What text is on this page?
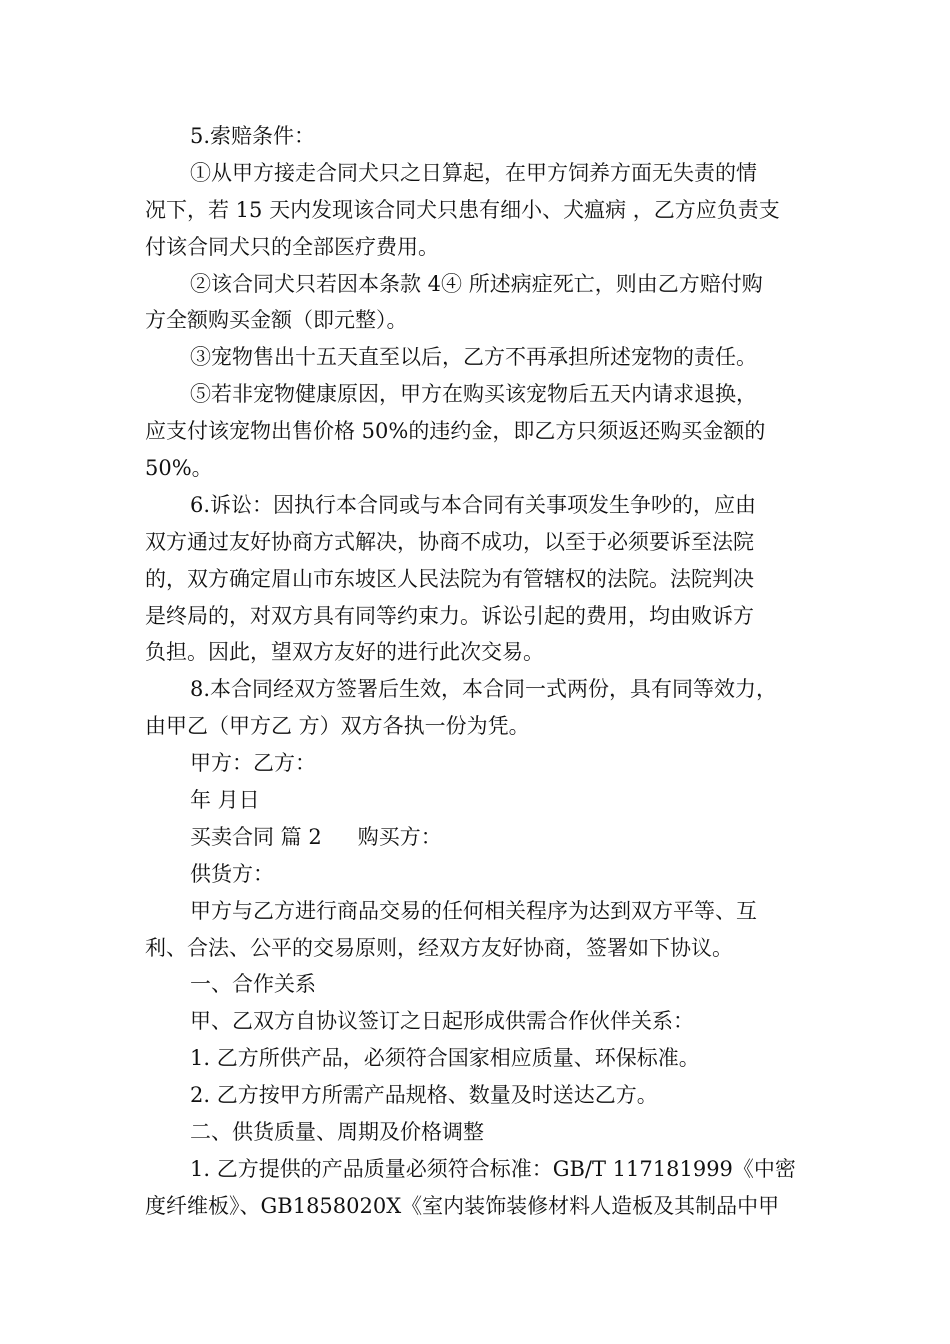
5.索赔条件：
①从甲方接走合同犬只之日算起，在甲方饲养方面无失责的情
况下，若 15 天内发现该合同犬只患有细小、犬瘟病 ，乙方应负责支
付该合同犬只的全部医疗费用。
②该合同犬只若因本条款 4④ 所述病症死亡，则由乙方赔付购
方全额购买金额（即元整）。
③宠物售出十五天直至以后，乙方不再承担所述宠物的责任。
⑤若非宠物健康原因，甲方在购买该宠物后五天内请求退换，
应支付该宠物出售价格 50%的违约金，即乙方只须返还购买金额的
50%。
6.诉讼：因执行本合同或与本合同有关事项发生争吵的，应由
双方通过友好协商方式解决，协商不成功，以至于必须要诉至法院
的，双方确定眉山市东坡区人民法院为有管辖权的法院。法院判决
是终局的，对双方具有同等约束力。诉讼引起的费用，均由败诉方
负担。因此，望双方友好的进行此次交易。
8.本合同经双方签署后生效，本合同一式两份，具有同等效力，
由甲乙（甲方乙 方）双方各执一份为凭。
甲方：乙方：
年 月日
买卖合同 篇 2 购买方：
供货方：
甲方与乙方进行商品交易的任何相关程序为达到双方平等、互
利、合法、公平的交易原则，经双方友好协商，签署如下协议。
一、合作关系
甲、乙双方自协议签订之日起形成供需合作伙伴关系：
1. 乙方所供产品，必须符合国家相应质量、环保标准。
2. 乙方按甲方所需产品规格、数量及时送达乙方。
二、供货质量、周期及价格调整
1. 乙方提供的产品质量必须符合标准：GB/T 117181999《中密
度纤维板》、GB1858020X《室内装饰装修材料人造板及其制品中甲
